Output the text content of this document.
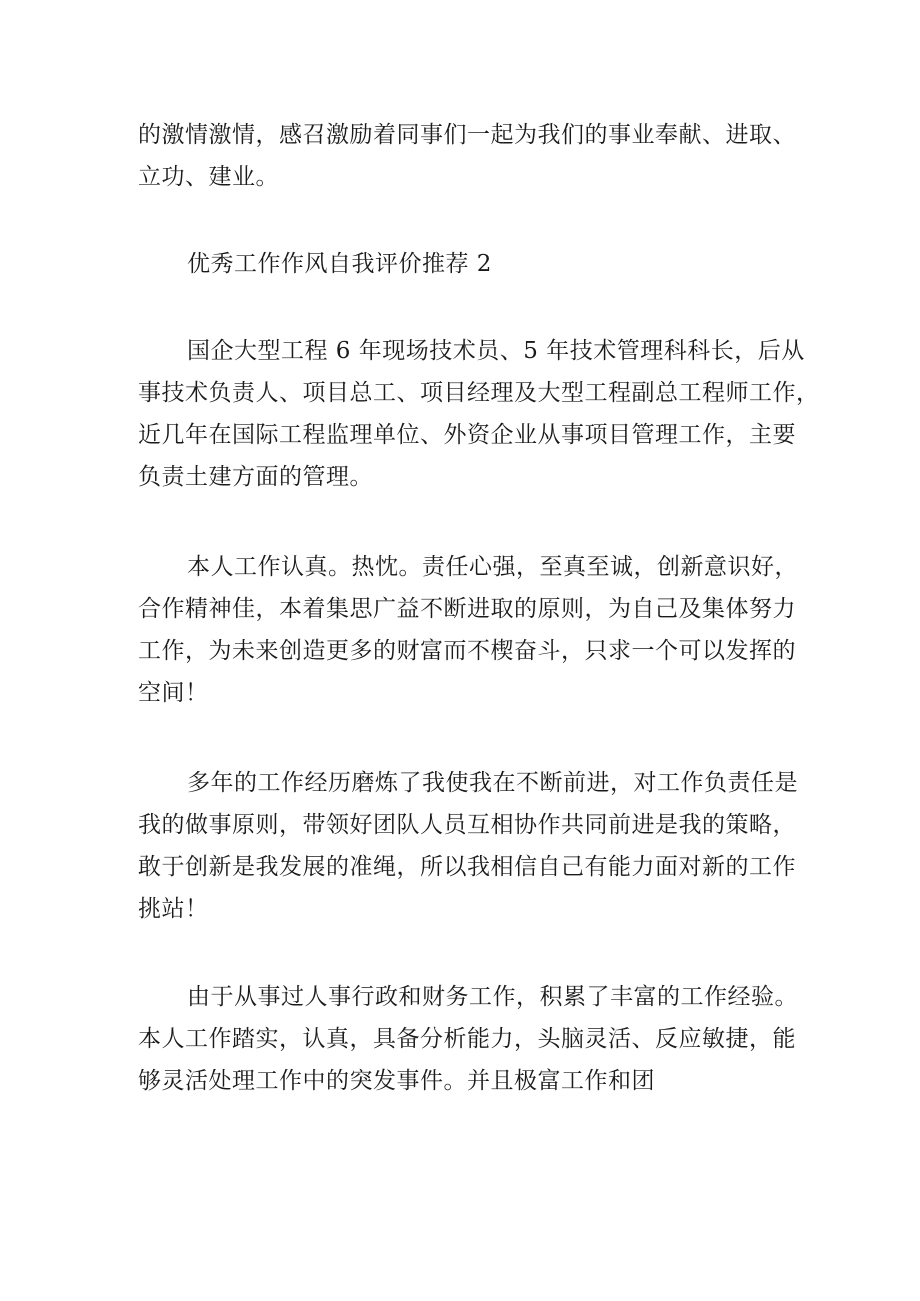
的激情激情，感召激励着同事们一起为我们的事业奉献、进取、
立功、建业。

优秀工作作风自我评价推荐 2

国企大型工程 6 年现场技术员、5 年技术管理科科长，后从
事技术负责人、项目总工、项目经理及大型工程副总工程师工作，
近几年在国际工程监理单位、外资企业从事项目管理工作，主要
负责土建方面的管理。

本人工作认真。热忱。责任心强，至真至诚，创新意识好，
合作精神佳，本着集思广益不断进取的原则，为自己及集体努力
工作，为未来创造更多的财富而不楔奋斗，只求一个可以发挥的
空间！

多年的工作经历磨炼了我使我在不断前进，对工作负责任是
我的做事原则，带领好团队人员互相协作共同前进是我的策略，
敢于创新是我发展的准绳，所以我相信自己有能力面对新的工作
挑站！

由于从事过人事行政和财务工作，积累了丰富的工作经验。
本人工作踏实，认真，具备分析能力，头脑灵活、反应敏捷，能
够灵活处理工作中的突发事件。并且极富工作和团
